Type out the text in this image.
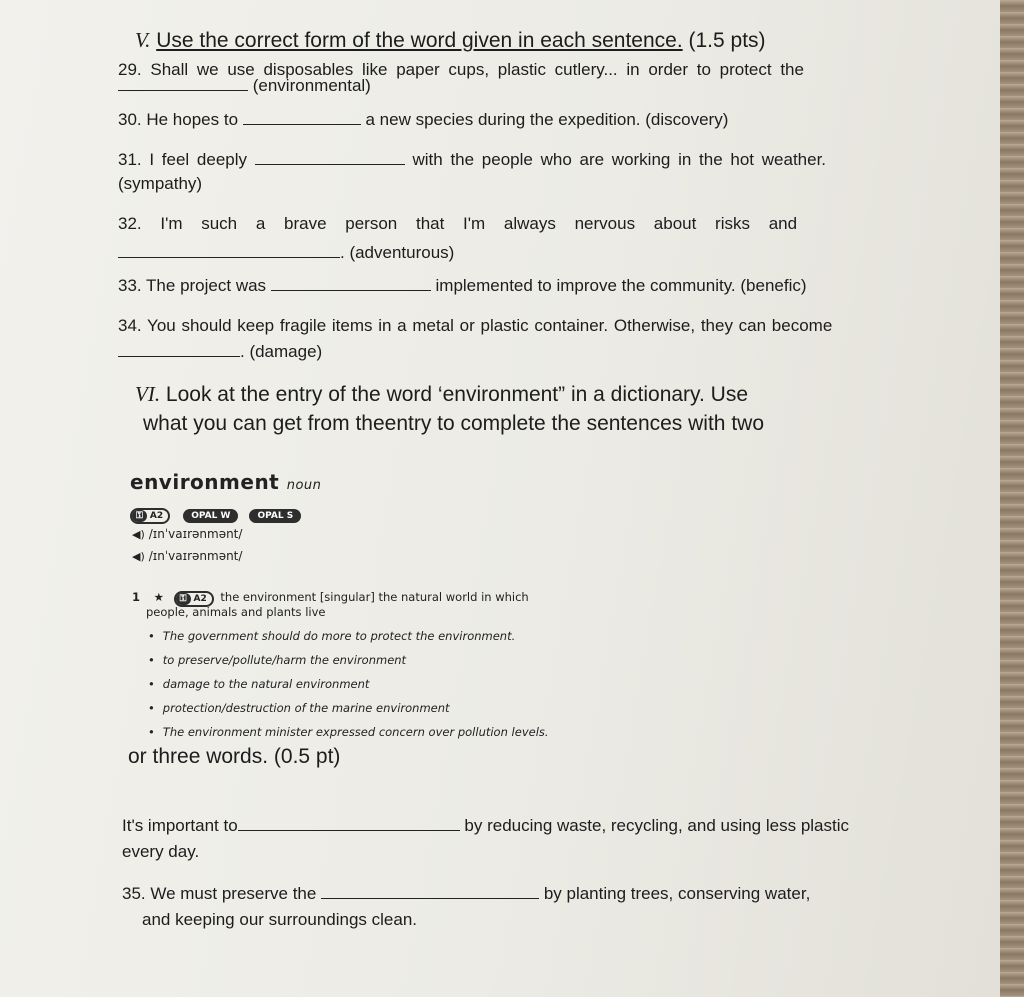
V. Use the correct form of the word given in each sentence. (1.5 pts)
29. Shall we use disposables like paper cups, plastic cutlery... in order to protect the
(environmental)
30. He hopes to	a new species during the expedition. (discovery)
31. I feel deeply	with the people who are working in the hot weather.
(sympathy)
32. I'm such a brave person that I'm always nervous about risks and
. (adventurous)
33. The project was	implemented to improve the community. (benefic)
34. You should keep fragile items in a metal or plastic container. Otherwise, they can become
. (damage)
VI. Look at the entry of the word ‘environment” in a dictionary. Use
what you can get from theentry to complete the sentences with two
environment noun
⚿ A2	OPAL W	OPAL S
◀︎) /ɪnˈvaɪrənmənt/
◀︎) /ɪnˈvaɪrənmənt/
1 ★ ⚿ A2 the environment [singular] the natural world in which
people, animals and plants live
• The government should do more to protect the environment.
• to preserve/pollute/harm the environment
• damage to the natural environment
• protection/destruction of the marine environment
• The environment minister expressed concern over pollution levels.
or three words. (0.5 pt)
It's important to	by reducing waste, recycling, and using less plastic
every day.
35. We must preserve the	by planting trees, conserving water,
and keeping our surroundings clean.
